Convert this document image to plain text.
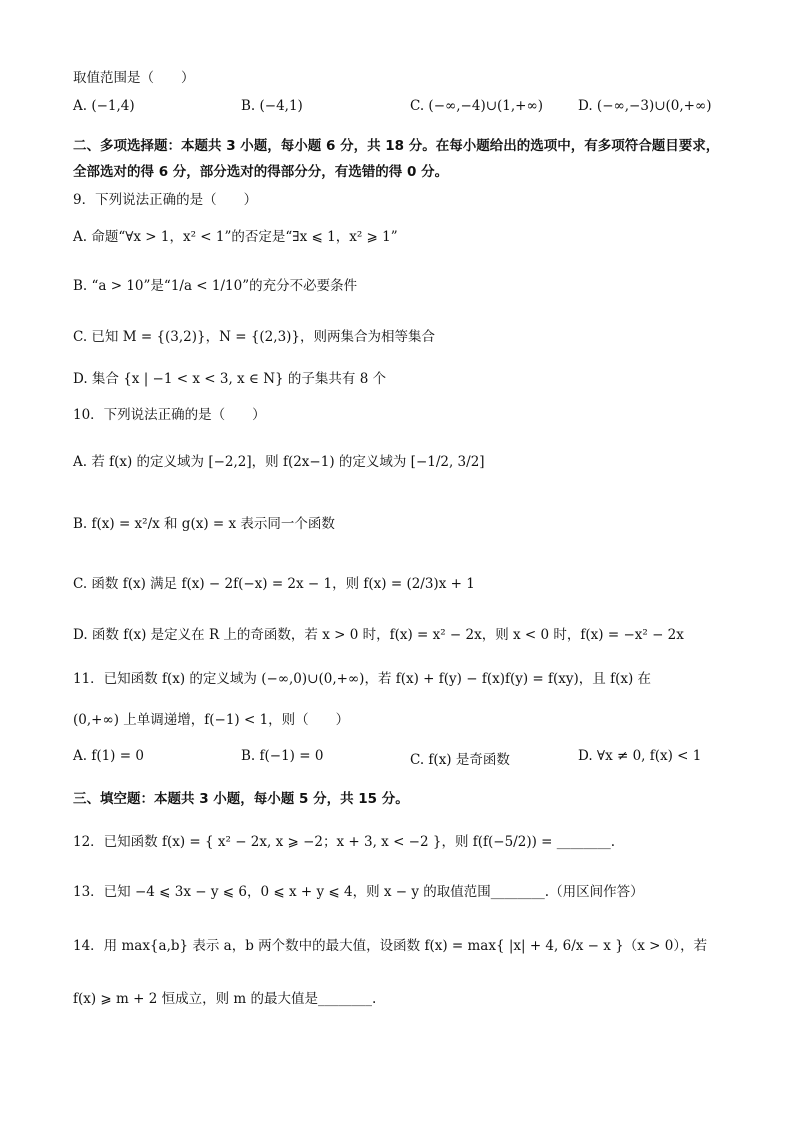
取值范围是（　　）
A. (−1,4)	B. (−4,1)	C. (−∞,−4)∪(1,+∞)	D. (−∞,−3)∪(0,+∞)
二、多项选择题：本题共 3 小题，每小题 6 分，共 18 分。在每小题给出的选项中，有多项符合题目要求，
全部选对的得 6 分，部分选对的得部分分，有选错的得 0 分。
9．下列说法正确的是（　　）
A. 命题“∀x > 1，x² < 1”的否定是“∃x ⩽ 1，x² ⩾ 1”
B. “a > 10”是“1/a < 1/10”的充分不必要条件
C. 已知 M = {(3,2)}，N = {(2,3)}，则两集合为相等集合
D. 集合 {x | −1 < x < 3, x ∈ N} 的子集共有 8 个
10．下列说法正确的是（　　）
A. 若 f(x) 的定义域为 [−2,2]，则 f(2x−1) 的定义域为 [−1/2, 3/2]
B. f(x) = x²/x 和 g(x) = x 表示同一个函数
C. 函数 f(x) 满足 f(x) − 2f(−x) = 2x − 1，则 f(x) = (2/3)x + 1
D. 函数 f(x) 是定义在 R 上的奇函数，若 x > 0 时，f(x) = x² − 2x，则 x < 0 时，f(x) = −x² − 2x
11．已知函数 f(x) 的定义域为 (−∞,0)∪(0,+∞)，若 f(x) + f(y) − f(x)f(y) = f(xy)，且 f(x) 在
(0,+∞) 上单调递增，f(−1) < 1，则（　　）
A. f(1) = 0	B. f(−1) = 0	C. f(x) 是奇函数	D. ∀x ≠ 0, f(x) < 1
三、填空题：本题共 3 小题，每小题 5 分，共 15 分。
12．已知函数 f(x) = { x² − 2x, x ⩾ −2；x + 3, x < −2 }，则 f(f(−5/2)) = ________.
13．已知 −4 ⩽ 3x − y ⩽ 6，0 ⩽ x + y ⩽ 4，则 x − y 的取值范围________.（用区间作答）
14．用 max{a,b} 表示 a，b 两个数中的最大值，设函数 f(x) = max{ |x| + 4, 6/x − x }（x > 0），若
f(x) ⩾ m + 2 恒成立，则 m 的最大值是________.
